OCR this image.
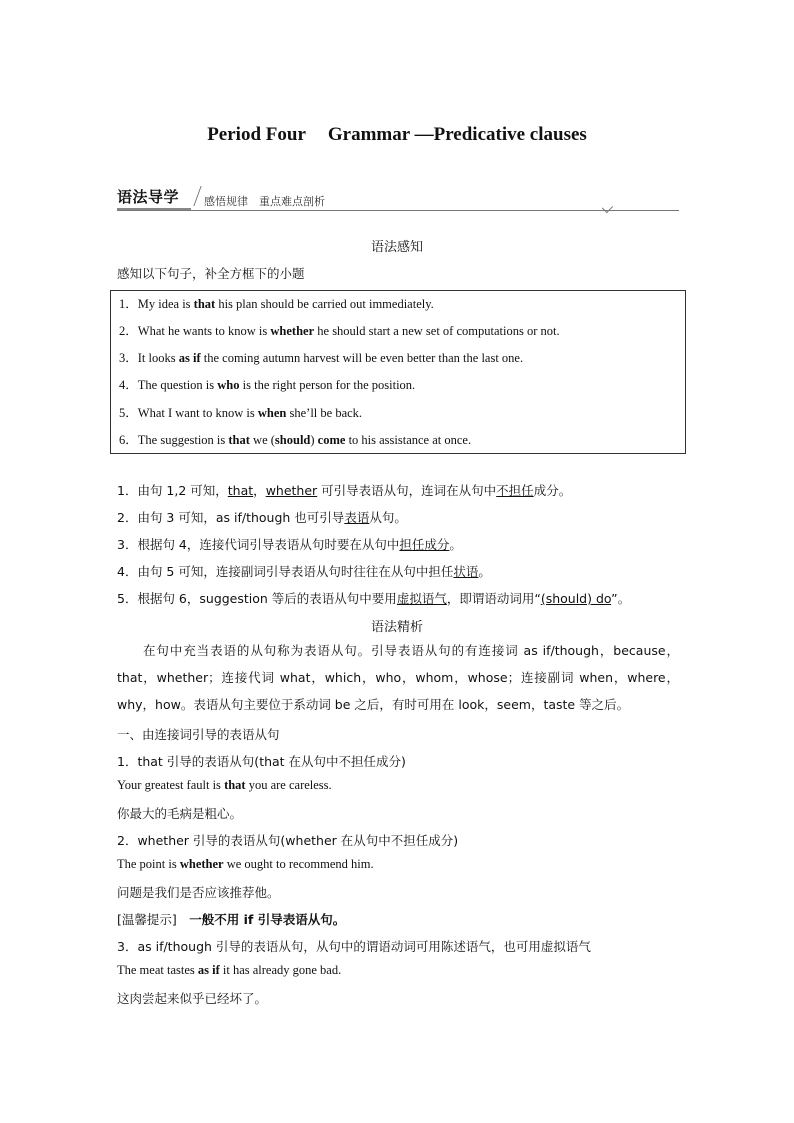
Period Four Grammar —Predicative clauses
语法导学 感悟规律　重点难点剖析
语法感知
感知以下句子，补全方框下的小题
1．My idea is that his plan should be carried out immediately.
2．What he wants to know is whether he should start a new set of computations or not.
3．It looks as if the coming autumn harvest will be even better than the last one.
4．The question is who is the right person for the position.
5．What I want to know is when she’ll be back.
6．The suggestion is that we (should) come to his assistance at once.
1．由句 1,2 可知，that，whether 可引导表语从句，连词在从句中不担任成分。
2．由句 3 可知，as if/though 也可引导表语从句。
3．根据句 4，连接代词引导表语从句时要在从句中担任成分。
4．由句 5 可知，连接副词引导表语从句时往往在从句中担任状语。
5．根据句 6，suggestion 等后的表语从句中要用虚拟语气，即谓语动词用“(should) do”。
语法精析
在句中充当表语的从句称为表语从句。引导表语从句的有连接词 as if/though，because，that，whether；连接代词 what，which，who，whom，whose；连接副词 when，where，why，how。表语从句主要位于系动词 be 之后，有时可用在 look，seem，taste 等之后。
一、由连接词引导的表语从句
1．that 引导的表语从句(that 在从句中不担任成分)
Your greatest fault is that you are careless.
你最大的毛病是粗心。
2．whether 引导的表语从句(whether 在从句中不担任成分)
The point is whether we ought to recommend him.
问题是我们是否应该推荐他。
[温馨提示]　一般不用 if 引导表语从句。
3．as if/though 引导的表语从句，从句中的谓语动词可用陈述语气，也可用虚拟语气
The meat tastes as if it has already gone bad.
这肉尝起来似乎已经坏了。
